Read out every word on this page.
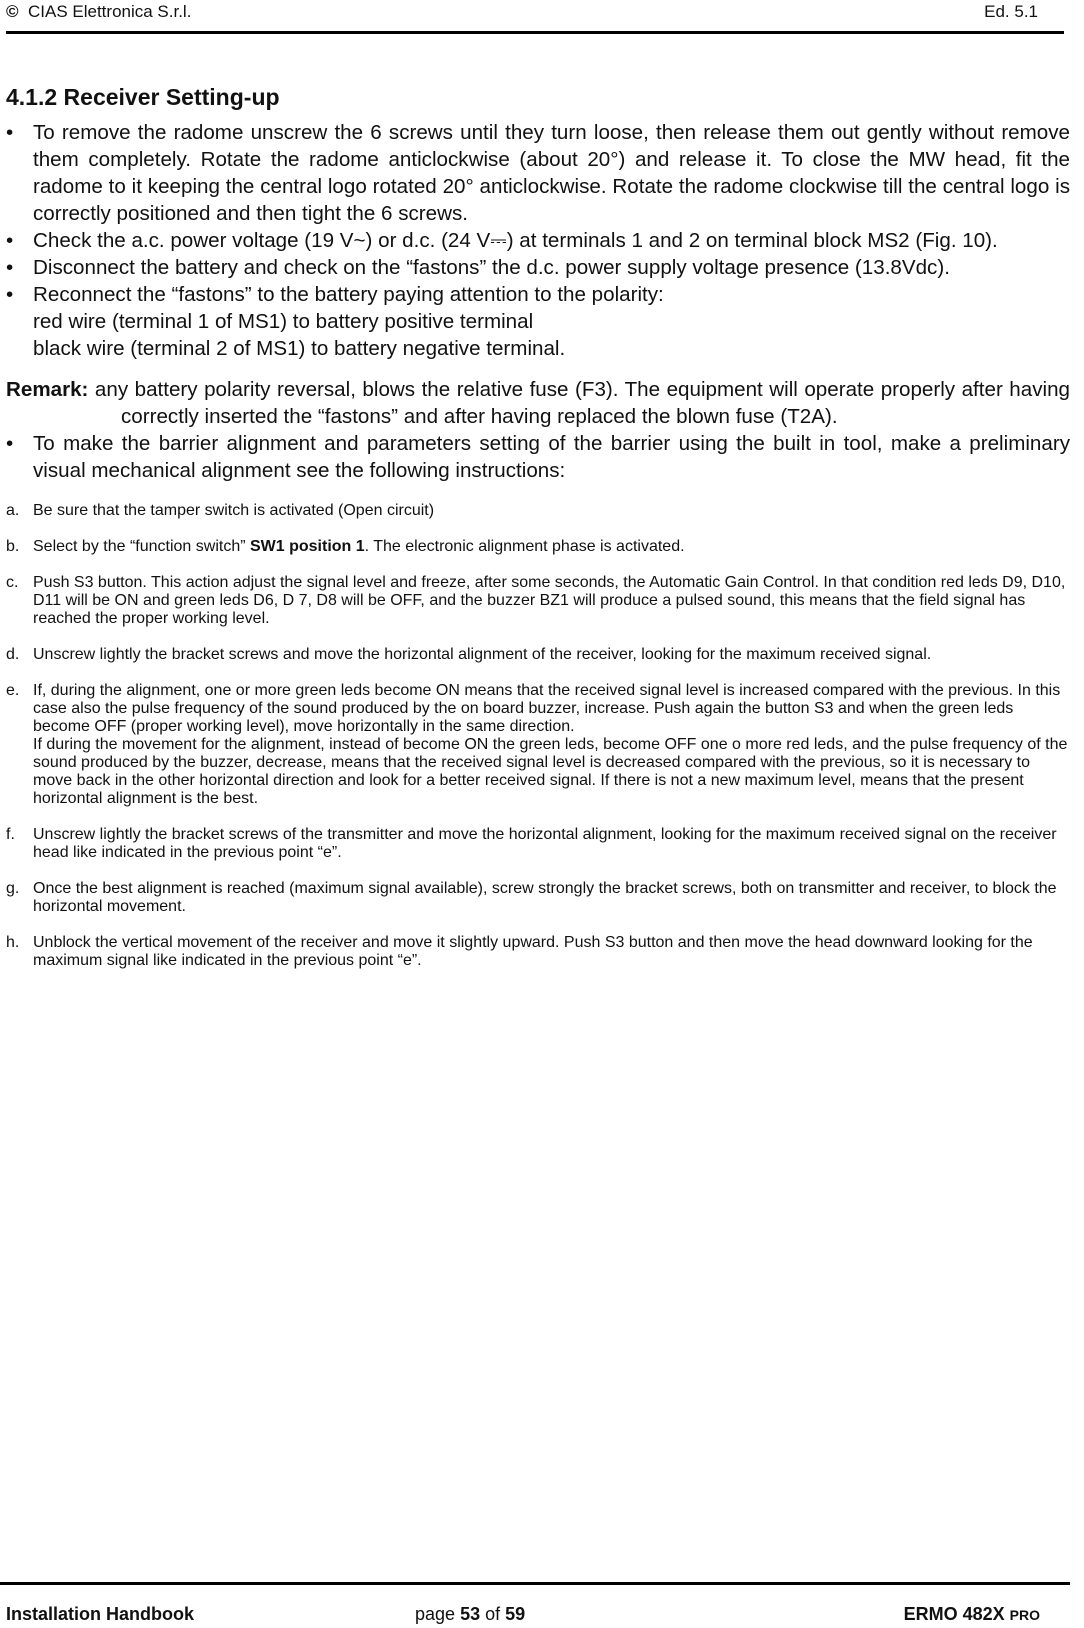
© CIAS Elettronica S.r.l.	Ed. 5.1
4.1.2 Receiver Setting-up
• To remove the radome unscrew the 6 screws until they turn loose, then release them out gently without remove them completely. Rotate the radome anticlockwise (about 20°) and release it. To close the MW head, fit the radome to it keeping the central logo rotated 20° anticlockwise. Rotate the radome clockwise till the central logo is correctly positioned and then tight the 6 screws.
• Check the a.c. power voltage (19 V~) or d.c. (24 V⎓) at terminals 1 and 2 on terminal block MS2 (Fig. 10).
• Disconnect the battery and check on the “fastons” the d.c. power supply voltage presence (13.8Vdc).
• Reconnect the “fastons” to the battery paying attention to the polarity:
red wire (terminal 1 of MS1) to battery positive terminal
black wire (terminal 2 of MS1) to battery negative terminal.

Remark: any battery polarity reversal, blows the relative fuse (F3). The equipment will operate properly after having correctly inserted the “fastons” and after having replaced the blown fuse (T2A).

• To make the barrier alignment and parameters setting of the barrier using the built in tool, make a preliminary visual mechanical alignment see the following instructions:
a. Be sure that the tamper switch is activated (Open circuit)
b. Select by the “function switch” SW1 position 1. The electronic alignment phase is activated.
c. Push S3 button. This action adjust the signal level and freeze, after some seconds, the Automatic Gain Control. In that condition red leds D9, D10, D11 will be ON and green leds D6, D 7, D8 will be OFF, and the buzzer BZ1 will produce a pulsed sound, this means that the field signal has reached the proper working level.
d. Unscrew lightly the bracket screws and move the horizontal alignment of the receiver, looking for the maximum received signal.
e. If, during the alignment, one or more green leds become ON means that the received signal level is increased compared with the previous. In this case also the pulse frequency of the sound produced by the on board buzzer, increase. Push again the button S3 and when the green leds become OFF (proper working level), move horizontally in the same direction.
If during the movement for the alignment, instead of become ON the green leds, become OFF one o more red leds, and the pulse frequency of the sound produced by the buzzer, decrease, means that the received signal level is decreased compared with the previous, so it is necessary to move back in the other horizontal direction and look for a better received signal. If there is not a new maximum level, means that the present horizontal alignment is the best.
f. Unscrew lightly the bracket screws of the transmitter and move the horizontal alignment, looking for the maximum received signal on the receiver head like indicated in the previous point “e”.
g. Once the best alignment is reached (maximum signal available), screw strongly the bracket screws, both on transmitter and receiver, to block the horizontal movement.
h. Unblock the vertical movement of the receiver and move it slightly upward. Push S3 button and then move the head downward looking for the maximum signal like indicated in the previous point “e”.
Installation Handbook	page 53 of 59	ERMO 482X PRO
